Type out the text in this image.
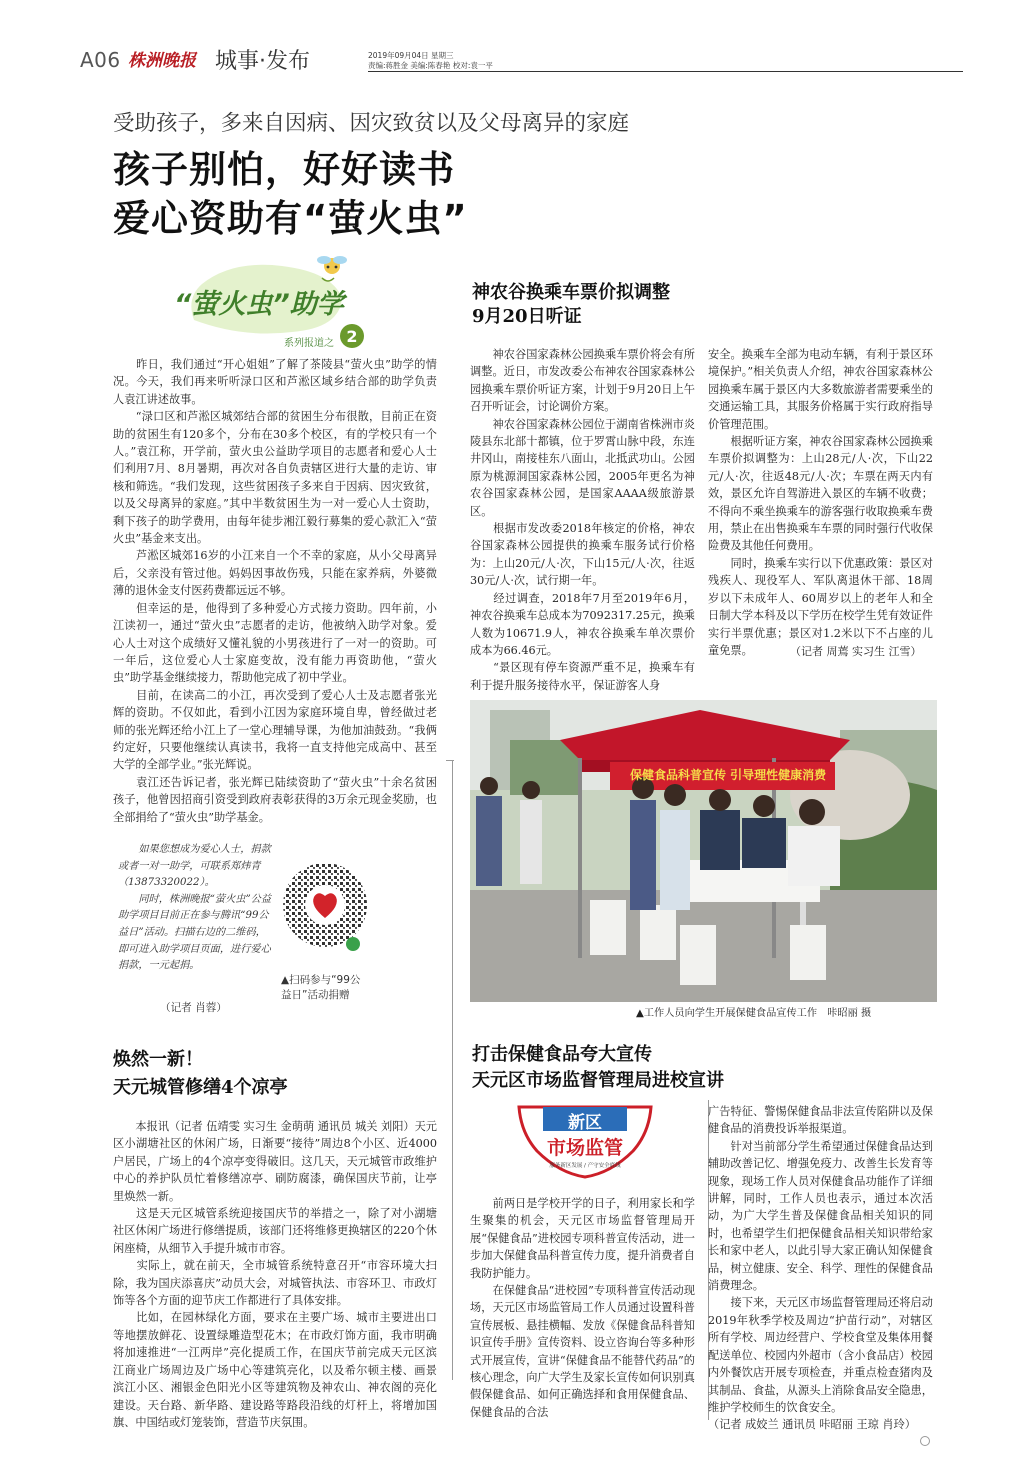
A06 株洲晚报 城事·发布	2019年09月04日 星期三
责编:蒋胜金 美编:陈春艳 校对:袁一平
受助孩子，多来自因病、因灾致贫以及父母离异的家庭
孩子别怕，好好读书
爱心资助有“萤火虫”
“萤火虫”助学
系列报道之 2
　　昨日，我们通过“开心姐姐”了解了茶陵县“萤火虫”助学的情况。今天，我们再来听听渌口区和芦淞区域乡结合部的助学负责人袁江讲述故事。
　　“渌口区和芦淞区城郊结合部的贫困生分布很散，目前正在资助的贫困生有120多个，分布在30多个校区，有的学校只有一个人。”袁江称，开学前，萤火虫公益助学项目的志愿者和爱心人士们利用7月、8月暑期，再次对各自负责辖区进行大量的走访、审核和筛选。“我们发现，这些贫困孩子多来自于因病、因灾致贫，以及父母离异的家庭。”其中半数贫困生为一对一爱心人士资助，剩下孩子的助学费用，由每年徒步湘江毅行募集的爱心款汇入“萤火虫”基金来支出。
　　芦淞区城郊16岁的小江来自一个不幸的家庭，从小父母离异后，父亲没有管过他。妈妈因事故伤残，只能在家养病，外婆微薄的退休金支付医药费都远远不够。
　　但幸运的是，他得到了多种爱心方式接力资助。四年前，小江读初一，通过“萤火虫”志愿者的走访，他被纳入助学对象。爱心人士对这个成绩好又懂礼貌的小男孩进行了一对一的资助。可一年后，这位爱心人士家庭变故，没有能力再资助他，“萤火虫”助学基金继续接力，帮助他完成了初中学业。
　　目前，在读高二的小江，再次受到了爱心人士及志愿者张光辉的资助。不仅如此，看到小江因为家庭环境自卑，曾经做过老师的张光辉还给小江上了一堂心理辅导课，为他加油鼓劲。“我俩约定好，只要他继续认真读书，我将一直支持他完成高中、甚至大学的全部学业。”张光辉说。
　　袁江还告诉记者，张光辉已陆续资助了“萤火虫”十余名贫困孩子，他曾因招商引资受到政府表彰获得的3万余元现金奖励，也全部捐给了“萤火虫”助学基金。
　　如果您想成为爱心人士，捐款或者一对一助学，可联系郑炜青（13873320022）。
　　同时，株洲晚报“萤火虫”公益助学项目目前正在参与腾讯“99公益日”活动。扫描右边的二维码，即可进入助学项目页面，进行爱心捐款，一元起捐。
（记者 肖蓉）
▲扫码参与“99公
益日”活动捐赠
焕然一新！
天元城管修缮4个凉亭
　　本报讯（记者 伍靖雯 实习生 金萌萌 通讯员 城关 刘阳）天元区小湖塘社区的休闲广场，日渐要“接待”周边8个小区、近4000户居民，广场上的4个凉亭变得破旧。这几天，天元城管市政维护中心的养护队员忙着修缮凉亭、刷防腐漆，确保国庆节前，让亭里焕然一新。
　　这是天元区城管系统迎接国庆节的举措之一，除了对小湖塘社区休闲广场进行修缮提质，该部门还将维修更换辖区的220个休闲座椅，从细节入手提升城市市容。
　　实际上，就在前天，全市城管系统特意召开“市容环境大扫除，我为国庆添喜庆”动员大会，对城管执法、市容环卫、市政灯饰等各个方面的迎节庆工作都进行了具体安排。
　　比如，在园林绿化方面，要求在主要广场、城市主要进出口等地摆放鲜花、设置绿雕造型花木；在市政灯饰方面，我市明确将加速推进“一江两岸”亮化提质工作，在国庆节前完成天元区滨江商业广场周边及广场中心等建筑亮化，以及希尔顿主楼、画景滨江小区、湘银金色阳光小区等建筑物及神农山、神农阁的亮化建设。天台路、新华路、建设路等路段沿线的灯杆上，将增加国旗、中国结或灯笼装饰，营造节庆氛围。
神农谷换乘车票价拟调整
9月20日听证
　　神农谷国家森林公园换乘车票价将会有所调整。近日，市发改委公布神农谷国家森林公园换乘车票价听证方案，计划于9月20日上午召开听证会，讨论调价方案。
　　神农谷国家森林公园位于湖南省株洲市炎陵县东北部十都镇，位于罗霄山脉中段，东连井冈山，南接桂东八面山，北抵武功山。公园原为桃源洞国家森林公园，2005年更名为神农谷国家森林公园，是国家AAAA级旅游景区。
　　根据市发改委2018年核定的价格，神农谷国家森林公园提供的换乘车服务试行价格为：上山20元/人·次，下山15元/人·次，往返30元/人·次，试行期一年。
　　经过调查，2018年7月至2019年6月，神农谷换乘车总成本为7092317.25元，换乘人数为10671.9人，神农谷换乘车单次票价成本为66.46元。
　　“景区现有停车资源严重不足，换乘车有利于提升服务接待水平，保证游客人身
安全。换乘车全部为电动车辆，有利于景区环境保护。”相关负责人介绍，神农谷国家森林公园换乘车属于景区内大多数旅游者需要乘坐的交通运输工具，其服务价格属于实行政府指导价管理范围。
　　根据听证方案，神农谷国家森林公园换乘车票价拟调整为：上山28元/人·次，下山22元/人·次，往返48元/人·次；车票在两天内有效，景区允许自驾游进入景区的车辆不收费；不得向不乘坐换乘车的游客强行收取换乘车费用，禁止在出售换乘车车票的同时强行代收保险费及其他任何费用。
　　同时，换乘车实行以下优惠政策：景区对残疾人、现役军人、军队离退休干部、18周岁以下未成年人、60周岁以上的老年人和全日制大学本科及以下学历在校学生凭有效证件实行半票优惠；景区对1.2米以下不占座的儿童免票。	（记者 周蔫 实习生 江雪）
保健食品科普宣传 引导理性健康消费
▲工作人员向学生开展保健食品宣传工作　咔昭丽 摄
打击保健食品夸大宣传
天元区市场监督管理局进校宣讲
新区
市场监管
服务新区发展 / 产守安全底线
　　前两日是学校开学的日子，利用家长和学生聚集的机会，天元区市场监督管理局开展“保健食品”进校园专项科普宣传活动，进一步加大保健食品科普宣传力度，提升消费者自我防护能力。
　　在保健食品“进校园”专项科普宣传活动现场，天元区市场监管局工作人员通过设置科普宣传展板、悬挂横幅、发放《保健食品科普知识宣传手册》宣传资料、设立咨询台等多种形式开展宣传，宣讲“保健食品不能替代药品”的核心理念，向广大学生及家长宣传如何识别真假保健食品、如何正确选择和食用保健食品、保健食品的合法
广告特征、警惕保健食品非法宣传陷阱以及保健食品的消费投诉举报渠道。
　　针对当前部分学生希望通过保健食品达到辅助改善记忆、增强免疫力、改善生长发育等现象，现场工作人员对保健食品功能作了详细讲解，同时，工作人员也表示，通过本次活动，为广大学生普及保健食品相关知识的同时，也希望学生们把保健食品相关知识带给家长和家中老人，以此引导大家正确认知保健食品，树立健康、安全、科学、理性的保健食品消费理念。
　　接下来，天元区市场监督管理局还将启动2019年秋季学校及周边“护苗行动”，对辖区所有学校、周边经营户、学校食堂及集体用餐配送单位、校园内外超市（含小食品店）校园内外餐饮店开展专项检查，并重点检查猪肉及其制品、食盐，从源头上消除食品安全隐患，维护学校师生的饮食安全。
（记者 成姣兰 通讯员 咔昭丽 王琼 肖玲）
